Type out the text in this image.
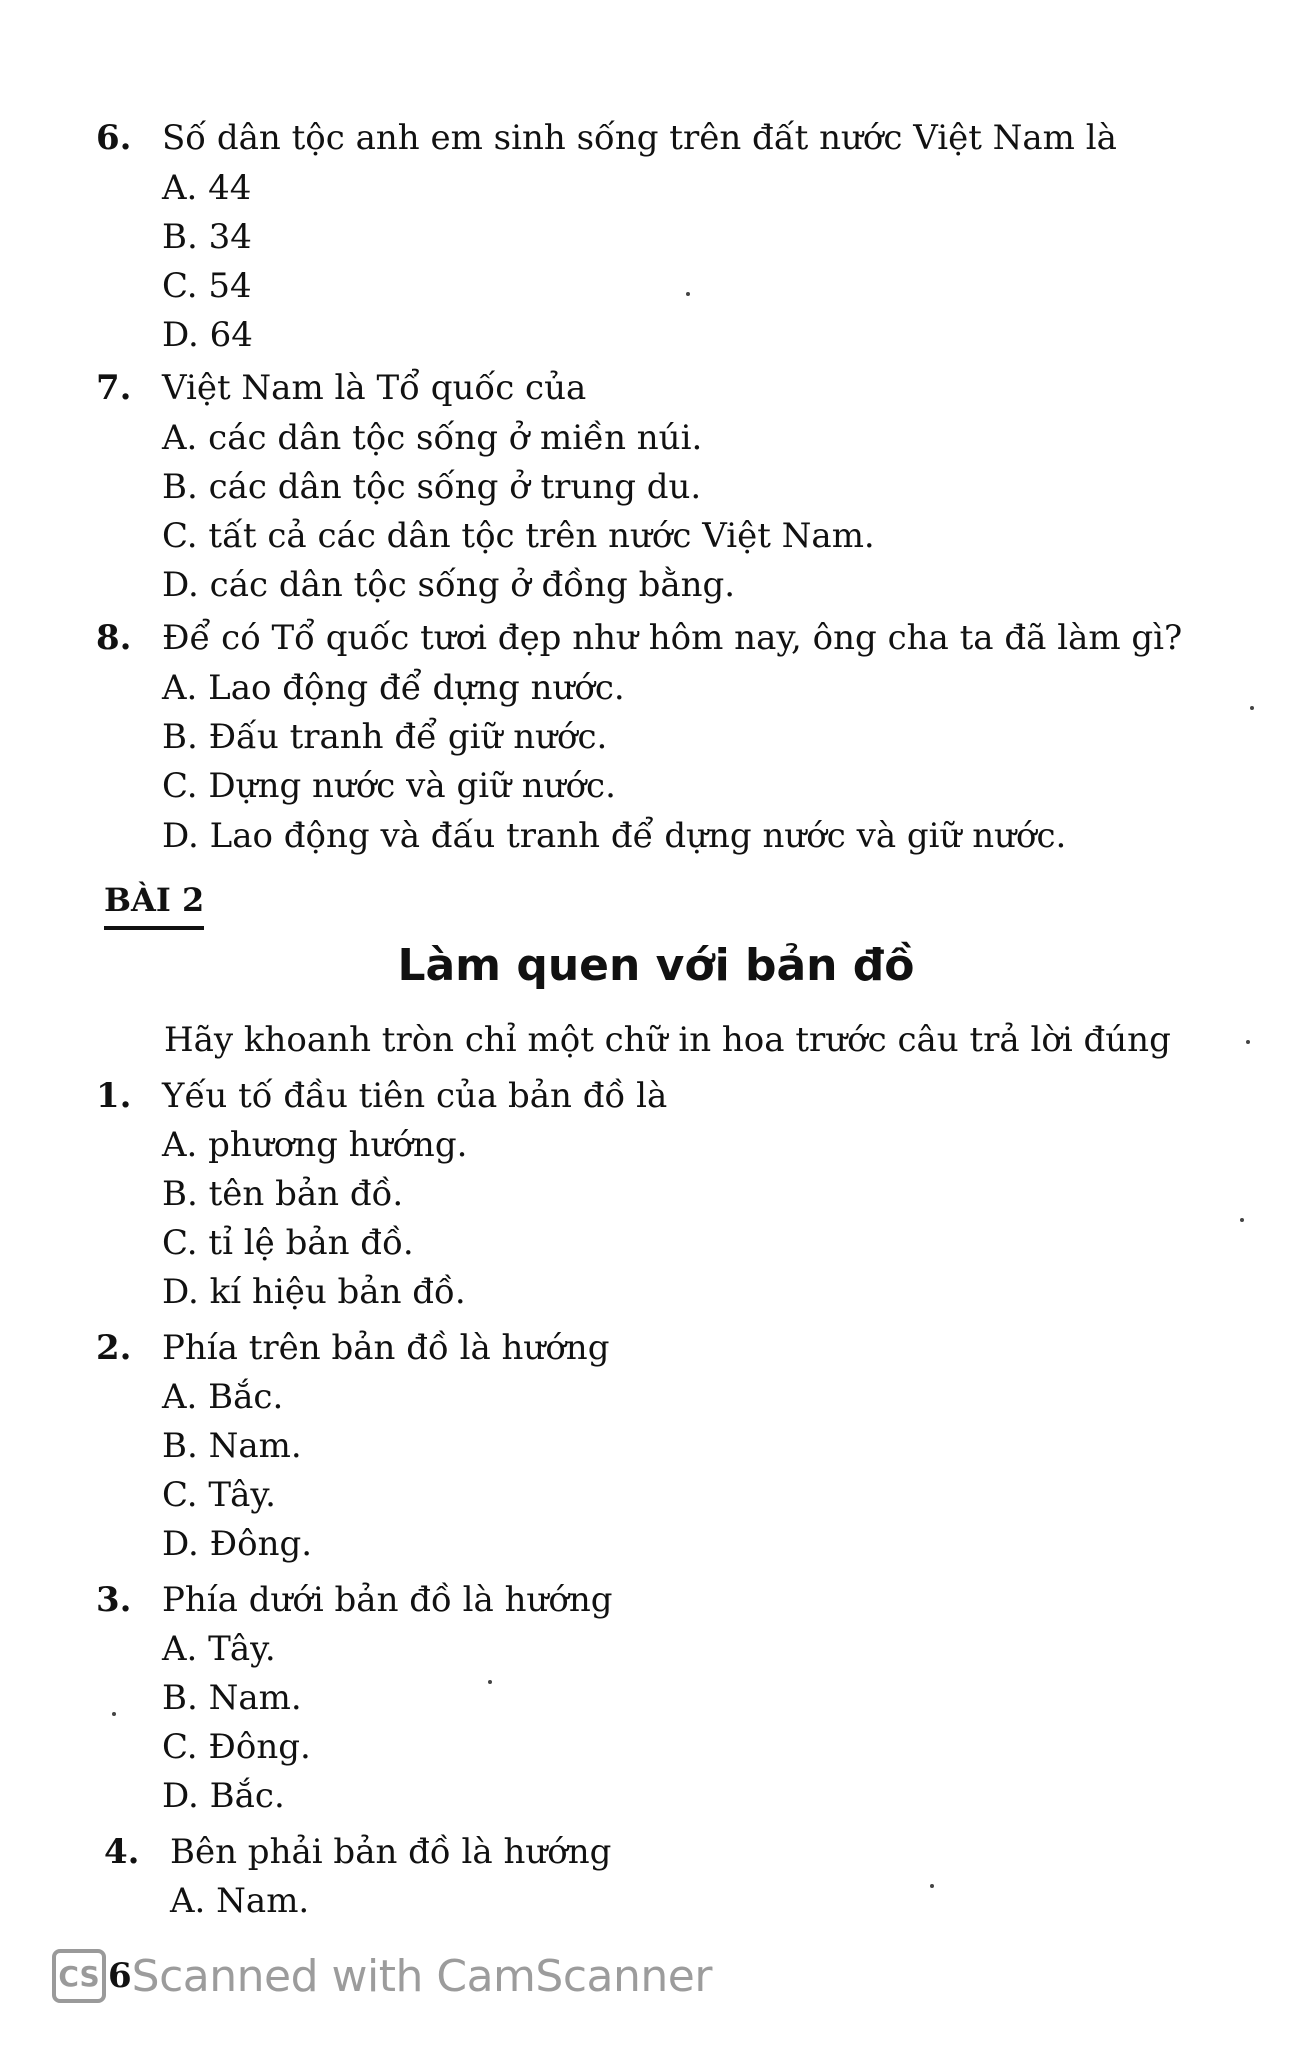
6. Số dân tộc anh em sinh sống trên đất nước Việt Nam là
A. 44
B. 34
C. 54
D. 64
7. Việt Nam là Tổ quốc của
A. các dân tộc sống ở miền núi.
B. các dân tộc sống ở trung du.
C. tất cả các dân tộc trên nước Việt Nam.
D. các dân tộc sống ở đồng bằng.
8. Để có Tổ quốc tươi đẹp như hôm nay, ông cha ta đã làm gì?
A. Lao động để dựng nước.
B. Đấu tranh để giữ nước.
C. Dựng nước và giữ nước.
D. Lao động và đấu tranh để dựng nước và giữ nước.
BÀI 2
Làm quen với bản đồ
Hãy khoanh tròn chỉ một chữ in hoa trước câu trả lời đúng
1. Yếu tố đầu tiên của bản đồ là
A. phương hướng.
B. tên bản đồ.
C. tỉ lệ bản đồ.
D. kí hiệu bản đồ.
2. Phía trên bản đồ là hướng
A. Bắc.
B. Nam.
C. Tây.
D. Đông.
3. Phía dưới bản đồ là hướng
A. Tây.
B. Nam.
C. Đông.
D. Bắc.
4. Bên phải bản đồ là hướng
A. Nam.
CS 6 Scanned with CamScanner
